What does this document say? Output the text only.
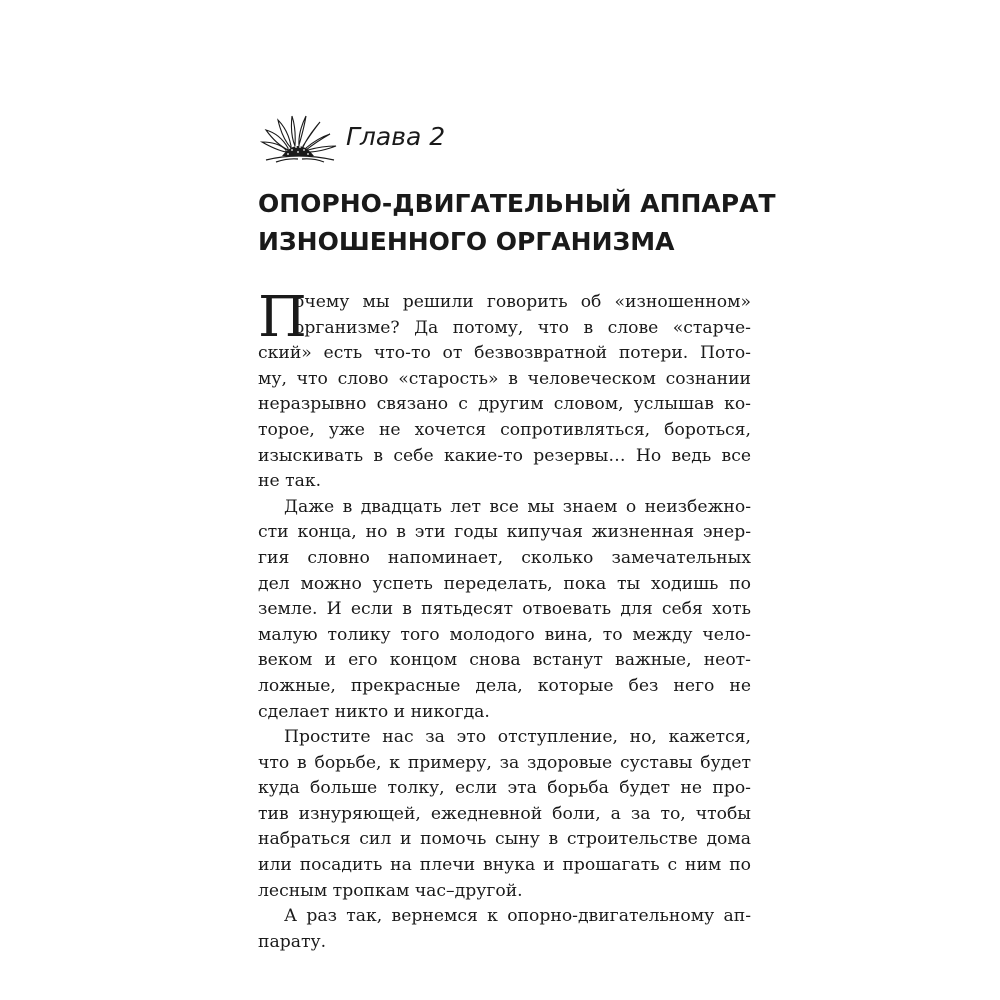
Глава 2
ОПОРНО-ДВИГАТЕЛЬНЫЙ АППАРАТ
ИЗНОШЕННОГО ОРГАНИЗМА
П
очему мы решили говорить об «изношенном»
организме? Да потому, что в слове «старче-
ский» есть что-то от безвозвратной потери. Пото-
му, что слово «старость» в человеческом сознании
неразрывно связано с другим словом, услышав ко-
торое, уже не хочется сопротивляться, бороться,
изыскивать в себе какие-то резервы… Но ведь все
не так.
Даже в двадцать лет все мы знаем о неизбежно-
сти конца, но в эти годы кипучая жизненная энер-
гия словно напоминает, сколько замечательных
дел можно успеть переделать, пока ты ходишь по
земле. И если в пятьдесят отвоевать для себя хоть
малую толику того молодого вина, то между чело-
веком и его концом снова встанут важные, неот-
ложные, прекрасные дела, которые без него не
сделает никто и никогда.
Простите нас за это отступление, но, кажется,
что в борьбе, к примеру, за здоровые суставы будет
куда больше толку, если эта борьба будет не про-
тив изнуряющей, ежедневной боли, а за то, чтобы
набраться сил и помочь сыну в строительстве дома
или посадить на плечи внука и прошагать с ним по
лесным тропкам час–другой.
А раз так, вернемся к опорно-двигательному ап-
парату.
